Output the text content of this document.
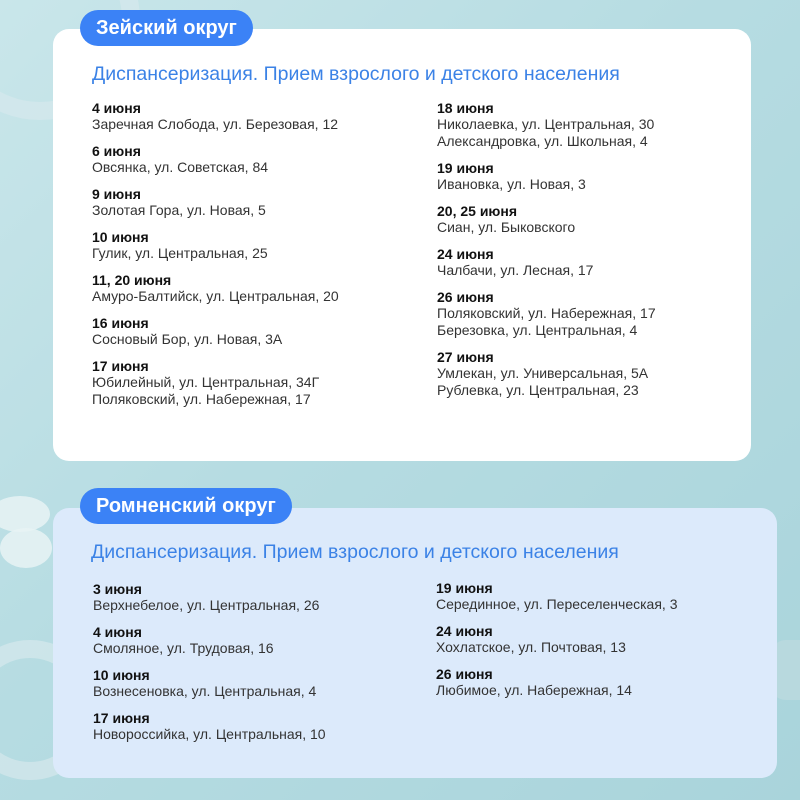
Зейский округ
Диспансеризация. Прием взрослого и детского населения
4 июня
Заречная Слобода, ул. Березовая, 12
6 июня
Овсянка, ул. Советская, 84
9 июня
Золотая Гора, ул. Новая, 5
10 июня
Гулик, ул. Центральная, 25
11, 20 июня
Амуро-Балтийск, ул. Центральная, 20
16 июня
Сосновый Бор, ул. Новая, 3А
17 июня
Юбилейный, ул. Центральная, 34Г
Поляковский, ул. Набережная, 17
18 июня
Николаевка, ул. Центральная, 30
Александровка, ул. Школьная, 4
19 июня
Ивановка, ул. Новая, 3
20, 25 июня
Сиан, ул. Быковского
24 июня
Чалбачи, ул. Лесная, 17
26 июня
Поляковский, ул. Набережная, 17
Березовка, ул. Центральная, 4
27 июня
Умлекан, ул. Универсальная, 5А
Рублевка, ул. Центральная, 23
Ромненский округ
Диспансеризация. Прием взрослого и детского населения
3 июня
Верхнебелое, ул. Центральная, 26
4 июня
Смоляное, ул. Трудовая, 16
10 июня
Вознесеновка, ул. Центральная, 4
17 июня
Новороссийка, ул. Центральная, 10
19 июня
Серединное, ул. Переселенческая, 3
24 июня
Хохлатское, ул. Почтовая, 13
26 июня
Любимое, ул. Набережная, 14
